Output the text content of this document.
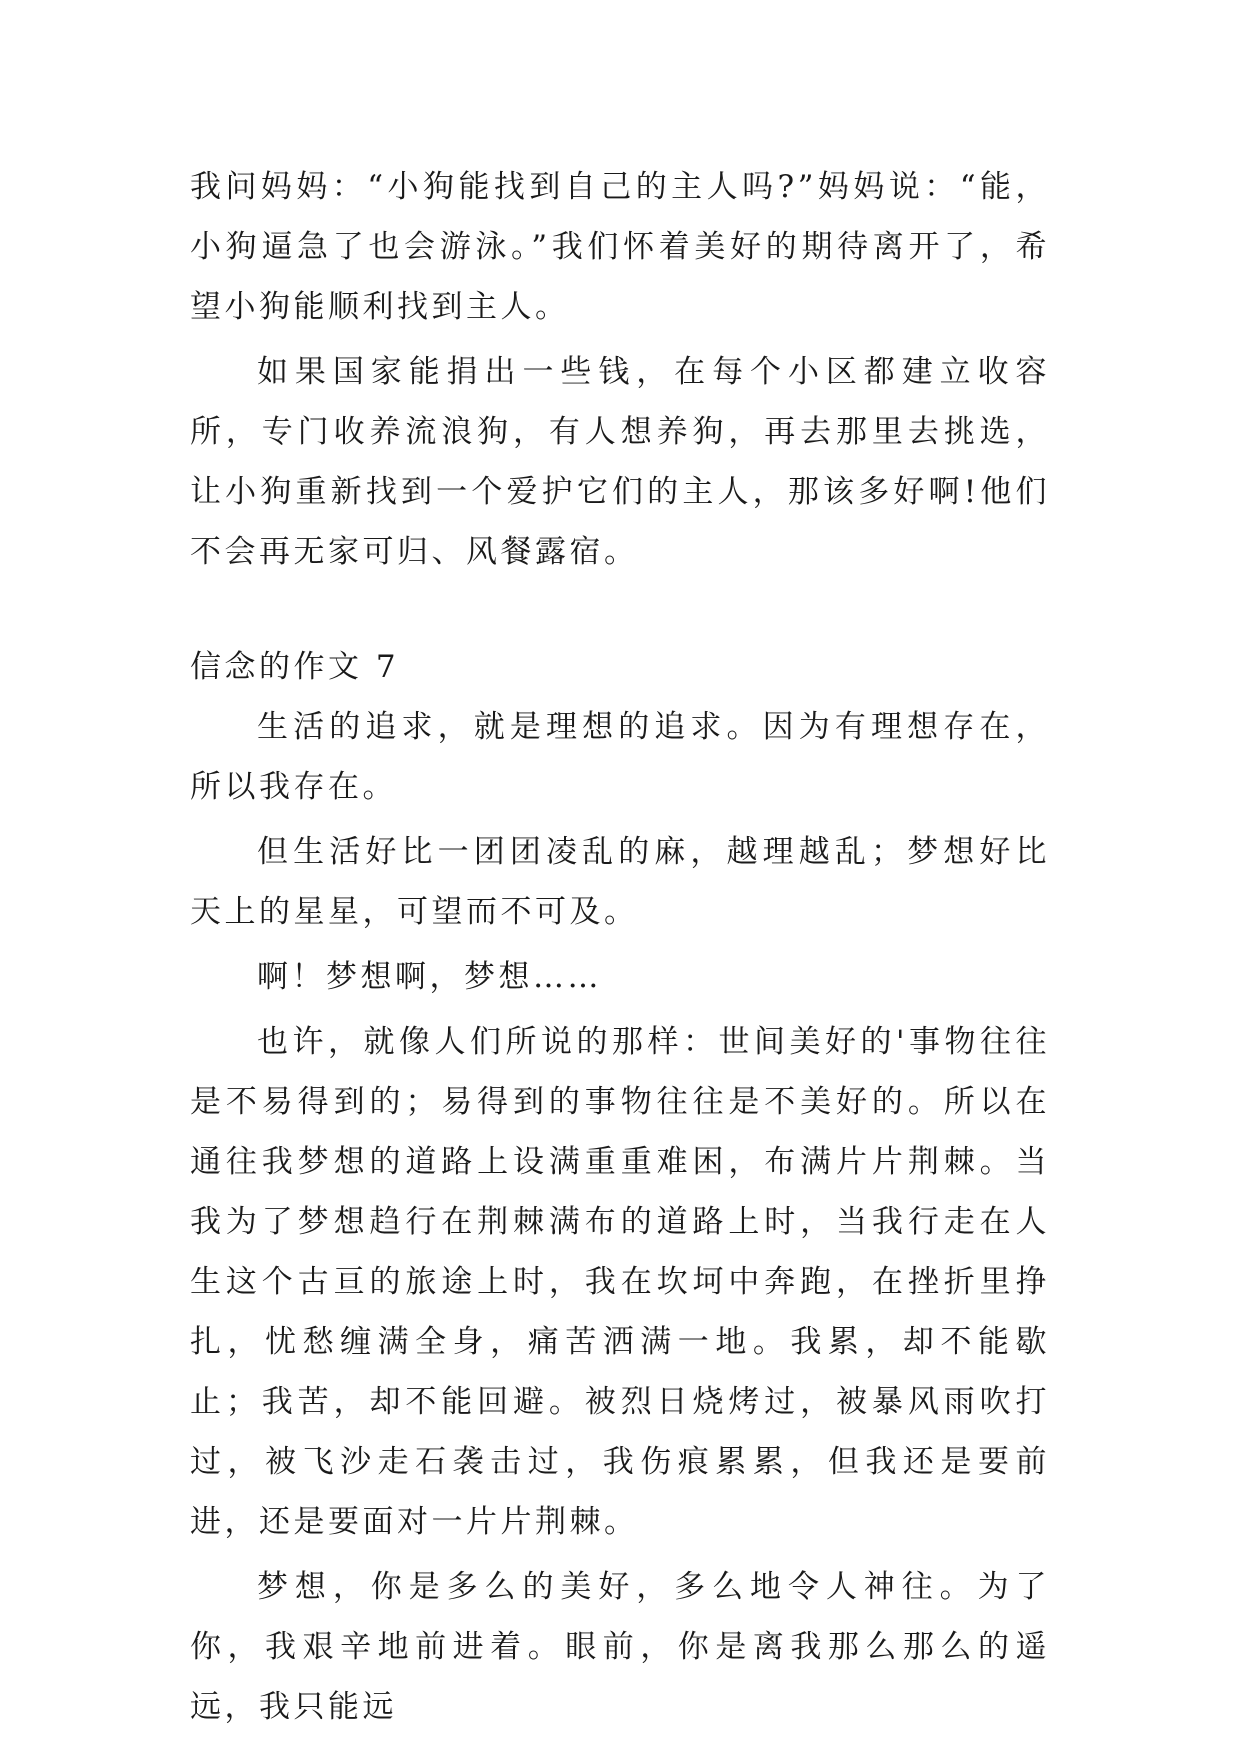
我问妈妈：“小狗能找到自己的主人吗?”妈妈说：“能，小狗逼急了也会游泳。”我们怀着美好的期待离开了，希望小狗能顺利找到主人。

如果国家能捐出一些钱，在每个小区都建立收容所，专门收养流浪狗，有人想养狗，再去那里去挑选，让小狗重新找到一个爱护它们的主人，那该多好啊!他们不会再无家可归、风餐露宿。

信念的作文 7

生活的追求，就是理想的追求。因为有理想存在，所以我存在。

但生活好比一团团凌乱的麻，越理越乱；梦想好比天上的星星，可望而不可及。

啊！梦想啊，梦想……

也许，就像人们所说的那样：世间美好的'事物往往是不易得到的；易得到的事物往往是不美好的。所以在通往我梦想的道路上设满重重难困，布满片片荆棘。当我为了梦想趋行在荆棘满布的道路上时，当我行走在人生这个古亘的旅途上时，我在坎坷中奔跑，在挫折里挣扎，忧愁缠满全身，痛苦洒满一地。我累，却不能歇止；我苦，却不能回避。被烈日烧烤过，被暴风雨吹打过，被飞沙走石袭击过，我伤痕累累，但我还是要前进，还是要面对一片片荆棘。

梦想，你是多么的美好，多么地令人神往。为了你，我艰辛地前进着。眼前，你是离我那么那么的遥远，我只能远
